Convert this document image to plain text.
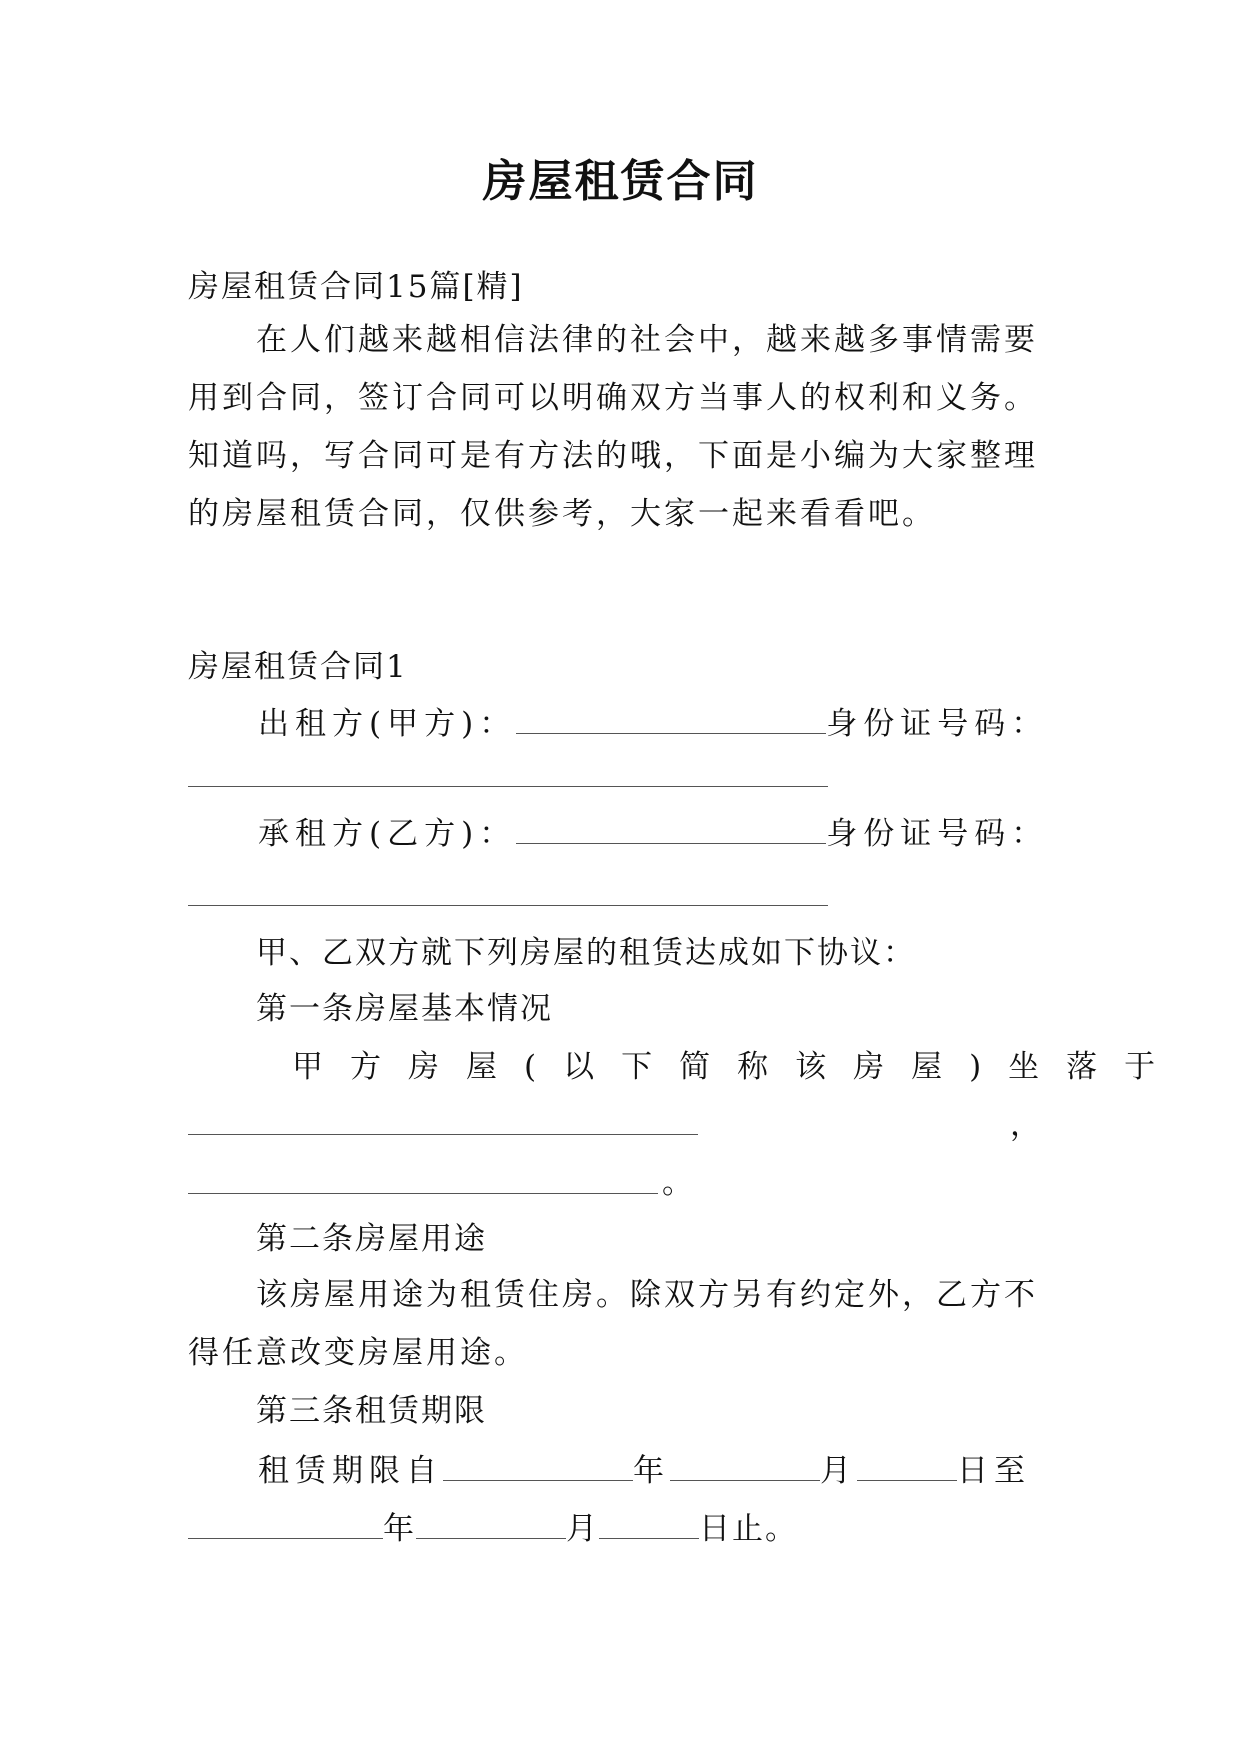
房屋租赁合同
房屋租赁合同15篇[精]
在人们越来越相信法律的社会中，越来越多事情需要用到合同，签订合同可以明确双方当事人的权利和义务。知道吗，写合同可是有方法的哦，下面是小编为大家整理的房屋租赁合同，仅供参考，大家一起来看看吧。
房屋租赁合同1
出租方(甲方)：	身份证号码：
承租方(乙方)：	身份证号码：
甲、乙双方就下列房屋的租赁达成如下协议：
第一条房屋基本情况
甲方房屋(以下简称该房屋)坐落于
，
。
第二条房屋用途
该房屋用途为租赁住房。除双方另有约定外，乙方不得任意改变房屋用途。
第三条租赁期限
租赁期限自	年	月	日至
年	月	日止。
